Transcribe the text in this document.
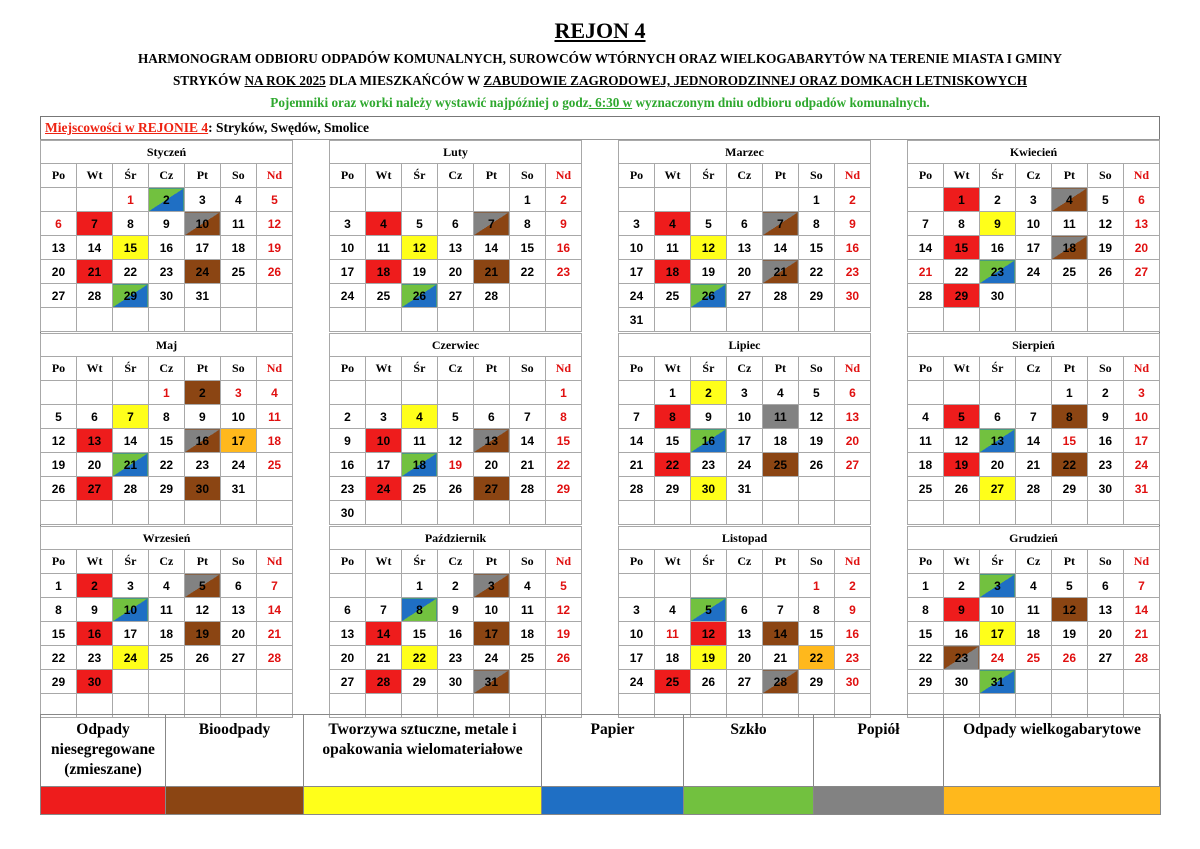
REJON 4
HARMONOGRAM ODBIORU ODPADÓW KOMUNALNYCH, SUROWCÓW WTÓRNYCH ORAZ WIELKOGABARYTÓW NA TERENIE MIASTA I GMINY
STRYKÓW NA ROK 2025 DLA MIESZKAŃCÓW W ZABUDOWIE ZAGRODOWEJ, JEDNORODZINNEJ ORAZ DOMKACH LETNISKOWYCH
Pojemniki oraz worki należy wystawić najpóźniej o godz. 6:30 w wyznaczonym dniu odbioru odpadów komunalnych.
Miejscowości w REJONIE 4: Stryków, Swędów, Smolice
Styczeń						
Po	Wt	Śr	Cz	Pt	So	Nd
		1	2	3	4	5
6	7	8	9	10	11	12
13	14	15	16	17	18	19
20	21	22	23	24	25	26
27	28	29	30	31		

Luty						
Po	Wt	Śr	Cz	Pt	So	Nd
					1	2
3	4	5	6	7	8	9
10	11	12	13	14	15	16
17	18	19	20	21	22	23
24	25	26	27	28		

Marzec						
Po	Wt	Śr	Cz	Pt	So	Nd
					1	2
3	4	5	6	7	8	9
10	11	12	13	14	15	16
17	18	19	20	21	22	23
24	25	26	27	28	29	30
31						
Kwiecień						
Po	Wt	Śr	Cz	Pt	So	Nd
	1	2	3	4	5	6
7	8	9	10	11	12	13
14	15	16	17	18	19	20
21	22	23	24	25	26	27
28	29	30				

Maj						
Po	Wt	Śr	Cz	Pt	So	Nd
			1	2	3	4
5	6	7	8	9	10	11
12	13	14	15	16	17	18
19	20	21	22	23	24	25
26	27	28	29	30	31	

Czerwiec						
Po	Wt	Śr	Cz	Pt	So	Nd
						1
2	3	4	5	6	7	8
9	10	11	12	13	14	15
16	17	18	19	20	21	22
23	24	25	26	27	28	29
30						
Lipiec						
Po	Wt	Śr	Cz	Pt	So	Nd
	1	2	3	4	5	6
7	8	9	10	11	12	13
14	15	16	17	18	19	20
21	22	23	24	25	26	27
28	29	30	31			

Sierpień						
Po	Wt	Śr	Cz	Pt	So	Nd
				1	2	3
4	5	6	7	8	9	10
11	12	13	14	15	16	17
18	19	20	21	22	23	24
25	26	27	28	29	30	31

Wrzesień						
Po	Wt	Śr	Cz	Pt	So	Nd
1	2	3	4	5	6	7
8	9	10	11	12	13	14
15	16	17	18	19	20	21
22	23	24	25	26	27	28
29	30					

Październik						
Po	Wt	Śr	Cz	Pt	So	Nd
		1	2	3	4	5
6	7	8	9	10	11	12
13	14	15	16	17	18	19
20	21	22	23	24	25	26
27	28	29	30	31		

Listopad						
Po	Wt	Śr	Cz	Pt	So	Nd
					1	2
3	4	5	6	7	8	9
10	11	12	13	14	15	16
17	18	19	20	21	22	23
24	25	26	27	28	29	30

Grudzień						
Po	Wt	Śr	Cz	Pt	So	Nd
1	2	3	4	5	6	7
8	9	10	11	12	13	14
15	16	17	18	19	20	21
22	23	24	25	26	27	28
29	30	31				

Odpady niesegregowane (zmieszane)	Bioodpady	Tworzywa sztuczne, metale i opakowania wielomateriałowe	Papier	Szkło	Popiół	Odpady wielkogabarytowe
